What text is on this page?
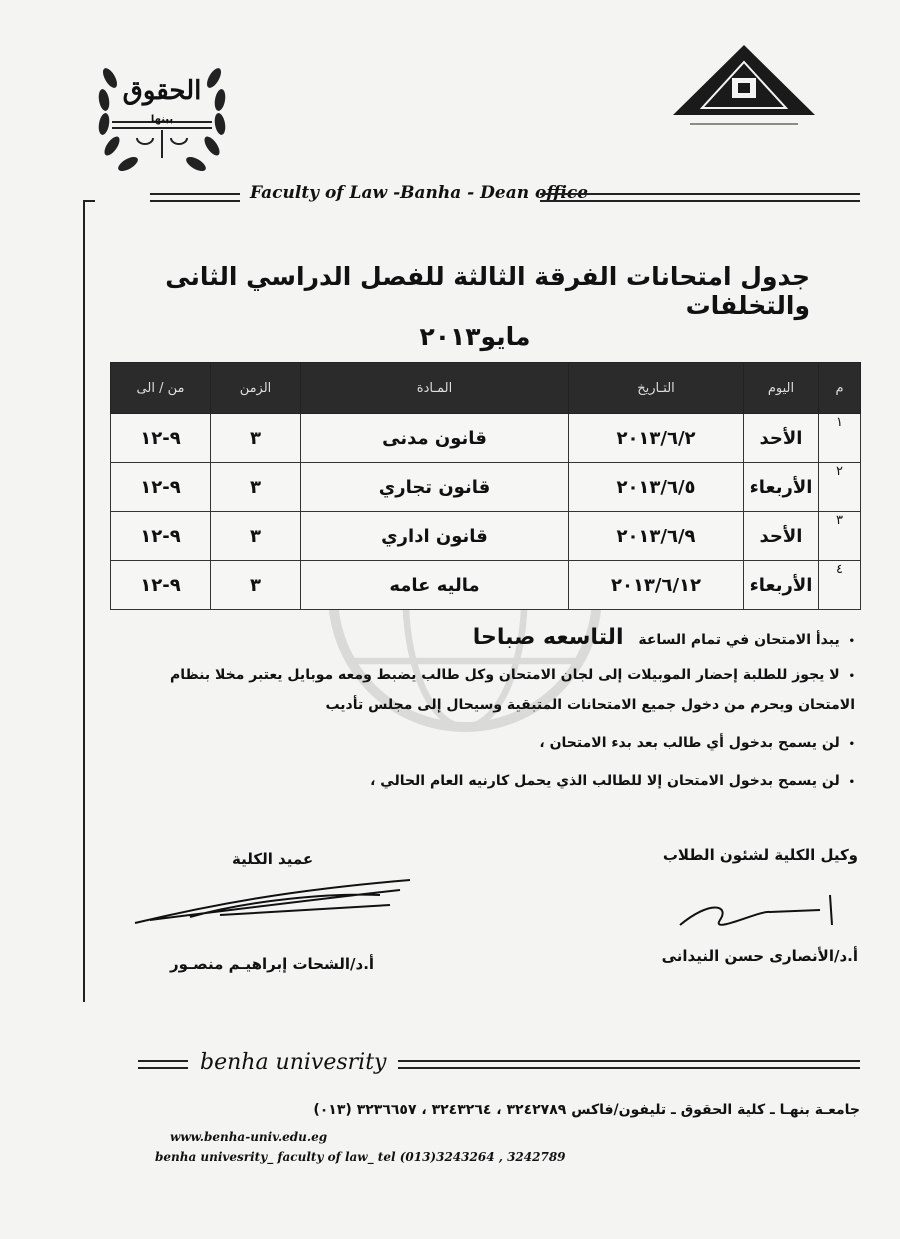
الحقوق
ببنها
Faculty of Law -Banha - Dean office
جدول امتحانات الفرقة الثالثة للفصل الدراسي الثانى والتخلفات
مايو٢٠١٣
م	اليوم	التـاريخ	المـادة	الزمن	من / الى
١	الأحد	٢٠١٣/٦/٢	قانون مدنى	٣	٩-١٢
٢	الأربعاء	٢٠١٣/٦/٥	قانون تجاري	٣	٩-١٢
٣	الأحد	٢٠١٣/٦/٩	قانون اداري	٣	٩-١٢
٤	الأربعاء	٢٠١٣/٦/١٢	ماليه عامه	٣	٩-١٢
• يبدأ الامتحان في تمام الساعة التاسعه صباحا
• لا يجوز للطلبة إحضار الموبيلات إلى لجان الامتحان وكل طالب يضبط ومعه موبايل يعتبر مخلا بنظام
الامتحان ويحرم من دخول جميع الامتحانات المتبقية وسيحال إلى مجلس تأديب
• لن يسمح بدخول أي طالب بعد بدء الامتحان ،
• لن يسمح بدخول الامتحان إلا للطالب الذي يحمل كارنيه العام الحالي ،
وكيل الكلية لشئون الطلاب
أ.د/الأنصارى حسن النيدانى
عميد الكلية
أ.د/الشحات إبراهيـم منصـور
benha univesrity
جامعـة بنهـا ـ كلية الحقوق ـ تليفون/فاكس ٣٢٤٢٧٨٩ ، ٣٢٤٣٢٦٤ ، ٣٢٣٦٦٥٧ (٠١٣)
www.benha-univ.edu.eg
benha univesrity_ faculty of law_ tel (013)3243264 , 3242789
